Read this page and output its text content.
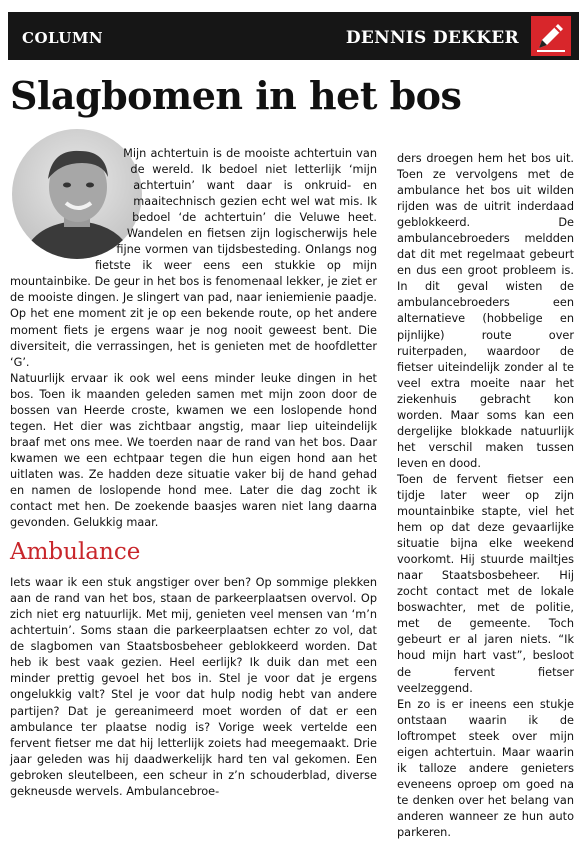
COLUMN	DENNIS DEKKER
Slagbomen in het bos

Mijn achtertuin is de mooiste achtertuin van de wereld. Ik bedoel niet letterlijk ‘mijn achtertuin’ want daar is onkruid- en maaitechnisch gezien echt wel wat mis. Ik bedoel ‘de achtertuin’ die Veluwe heet. Wandelen en fietsen zijn logischerwijs hele fijne vormen van tijdsbesteding. Onlangs nog fietste ik weer eens een stukkie op mijn mountainbike. De geur in het bos is fenomenaal lekker, je ziet er de mooiste dingen. Je slingert van pad, naar ieniemienie paadje. Op het ene moment zit je op een bekende route, op het andere moment fiets je ergens waar je nog nooit geweest bent. Die diversiteit, die verrassingen, het is genieten met de hoofdletter ‘G’.

Natuurlijk ervaar ik ook wel eens minder leuke dingen in het bos. Toen ik maanden geleden samen met mijn zoon door de bossen van Heerde croste, kwamen we een loslopende hond tegen. Het dier was zichtbaar angstig, maar liep uiteindelijk braaf met ons mee. We toerden naar de rand van het bos. Daar kwamen we een echtpaar tegen die hun eigen hond aan het uitlaten was. Ze hadden deze situatie vaker bij de hand gehad en namen de loslopende hond mee. Later die dag zocht ik contact met hen. De zoekende baasjes waren niet lang daarna gevonden. Gelukkig maar.

Ambulance

Iets waar ik een stuk angstiger over ben? Op sommige plekken aan de rand van het bos, staan de parkeerplaatsen overvol. Op zich niet erg natuurlijk. Met mij, genieten veel mensen van ‘m’n achtertuin’. Soms staan die parkeerplaatsen echter zo vol, dat de slagbomen van Staatsbosbeheer geblokkeerd worden. Dat heb ik best vaak gezien. Heel eerlijk? Ik duik dan met een minder prettig gevoel het bos in. Stel je voor dat je ergens ongelukkig valt? Stel je voor dat hulp nodig hebt van andere partijen? Dat je gereanimeerd moet worden of dat er een ambulance ter plaatse nodig is? Vorige week vertelde een fervent fietser me dat hij letterlijk zoiets had meegemaakt. Drie jaar geleden was hij daadwerkelijk hard ten val gekomen. Een gebroken sleutelbeen, een scheur in z’n schouderblad, diverse gekneusde wervels. Ambulancebroe-

ders droegen hem het bos uit. Toen ze vervolgens met de ambulance het bos uit wilden rijden was de uitrit inderdaad geblokkeerd. De ambulancebroeders meldden dat dit met regelmaat gebeurt en dus een groot probleem is. In dit geval wisten de ambulancebroeders een alternatieve (hobbelige en pijnlijke) route over ruiterpaden, waardoor de fietser uiteindelijk zonder al te veel extra moeite naar het ziekenhuis gebracht kon worden. Maar soms kan een dergelijke blokkade natuurlijk het verschil maken tussen leven en dood.

Toen de fervent fietser een tijdje later weer op zijn mountainbike stapte, viel het hem op dat deze gevaarlijke situatie bijna elke weekend voorkomt. Hij stuurde mailtjes naar Staatsbosbeheer. Hij zocht contact met de lokale boswachter, met de politie, met de gemeente. Toch gebeurt er al jaren niets. “Ik houd mijn hart vast”, besloot de fervent fietser veelzeggend.

En zo is er ineens een stukje ontstaan waarin ik de loftrompet steek over mijn eigen achtertuin. Maar waarin ik talloze andere genieters eveneens oproep om goed na te denken over het belang van anderen wanneer ze hun auto parkeren.
